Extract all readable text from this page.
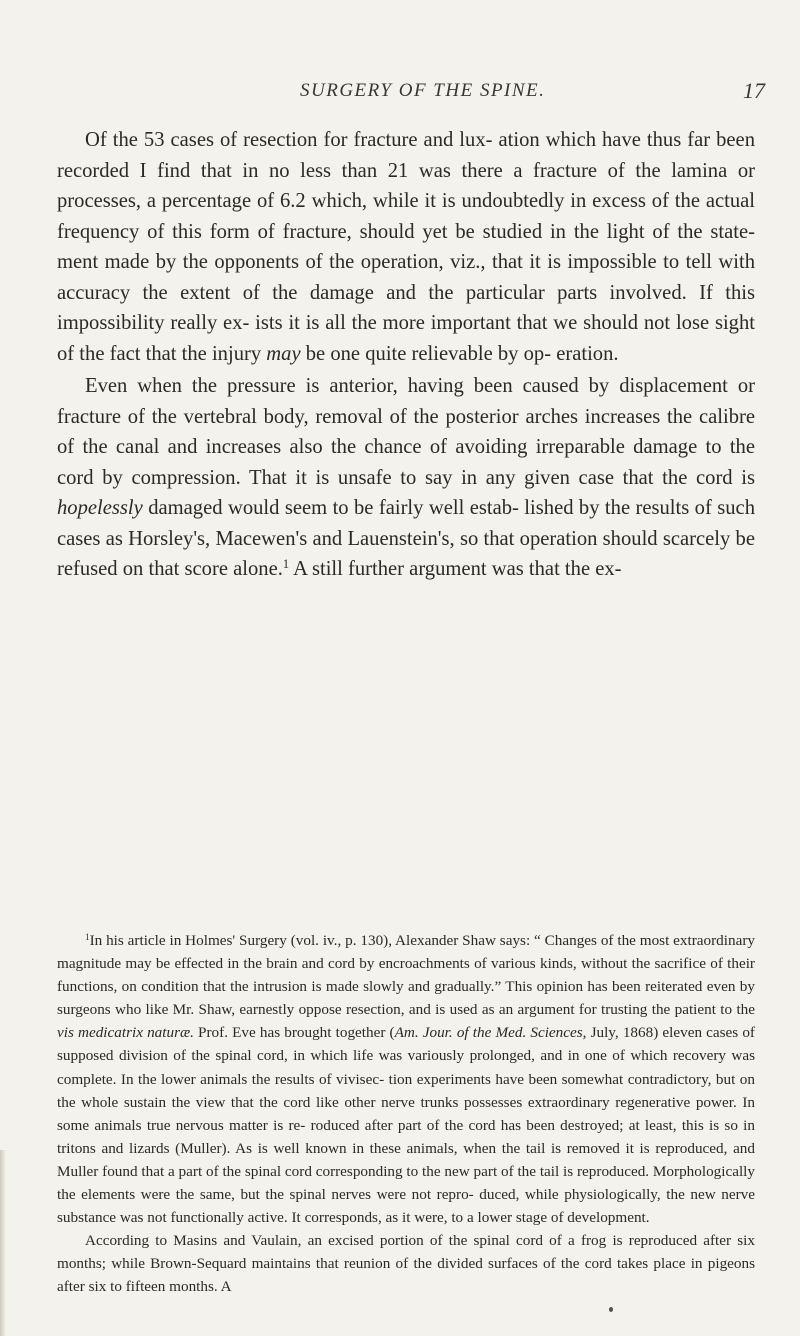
SURGERY OF THE SPINE.	17

Of the 53 cases of resection for fracture and lux- ation which have thus far been recorded I find that in no less than 21 was there a fracture of the lamina or processes, a percentage of 6.2 which, while it is undoubtedly in excess of the actual frequency of this form of fracture, should yet be studied in the light of the state- ment made by the opponents of the operation, viz., that it is impossible to tell with accuracy the extent of the damage and the particular parts involved. If this impossibility really ex- ists it is all the more important that we should not lose sight of the fact that the injury may be one quite relievable by op- eration.

Even when the pressure is anterior, having been caused by displacement or fracture of the vertebral body, removal of the posterior arches increases the calibre of the canal and increases also the chance of avoiding irreparable damage to the cord by compression. That it is unsafe to say in any given case that the cord is hopelessly damaged would seem to be fairly well estab- lished by the results of such cases as Horsley's, Macewen's and Lauenstein's, so that operation should scarcely be refused on that score alone.$^1$ A still further argument was that the ex-

$^1$In his article in Holmes' Surgery (vol. iv., p. 130), Alexander Shaw says: “ Changes of the most extraordinary magnitude may be effected in the brain and cord by encroachments of various kinds, without the sacrifice of their functions, on condition that the intrusion is made slowly and gradually.” This opinion has been reiterated even by surgeons who like Mr. Shaw, earnestly oppose resection, and is used as an argument for trusting the patient to the vis medicatrix naturæ. Prof. Eve has brought together (Am. Jour. of the Med. Sciences, July, 1868) eleven cases of supposed division of the spinal cord, in which life was variously prolonged, and in one of which recovery was complete. In the lower animals the results of vivisec- tion experiments have been somewhat contradictory, but on the whole sustain the view that the cord like other nerve trunks possesses extraordinary regenerative power. In some animals true nervous matter is re- roduced after part of the cord has been destroyed; at least, this is so in tritons and lizards (Muller). As is well known in these animals, when the tail is removed it is reproduced, and Muller found that a part of the spinal cord corresponding to the new part of the tail is reproduced. Morphologically the elements were the same, but the spinal nerves were not repro- duced, while physiologically, the new nerve substance was not functionally active. It corresponds, as it were, to a lower stage of development.

According to Masins and Vaulain, an excised portion of the spinal cord of a frog is reproduced after six months; while Brown-Sequard maintains that reunion of the divided surfaces of the cord takes place in pigeons after six to fifteen months. A
